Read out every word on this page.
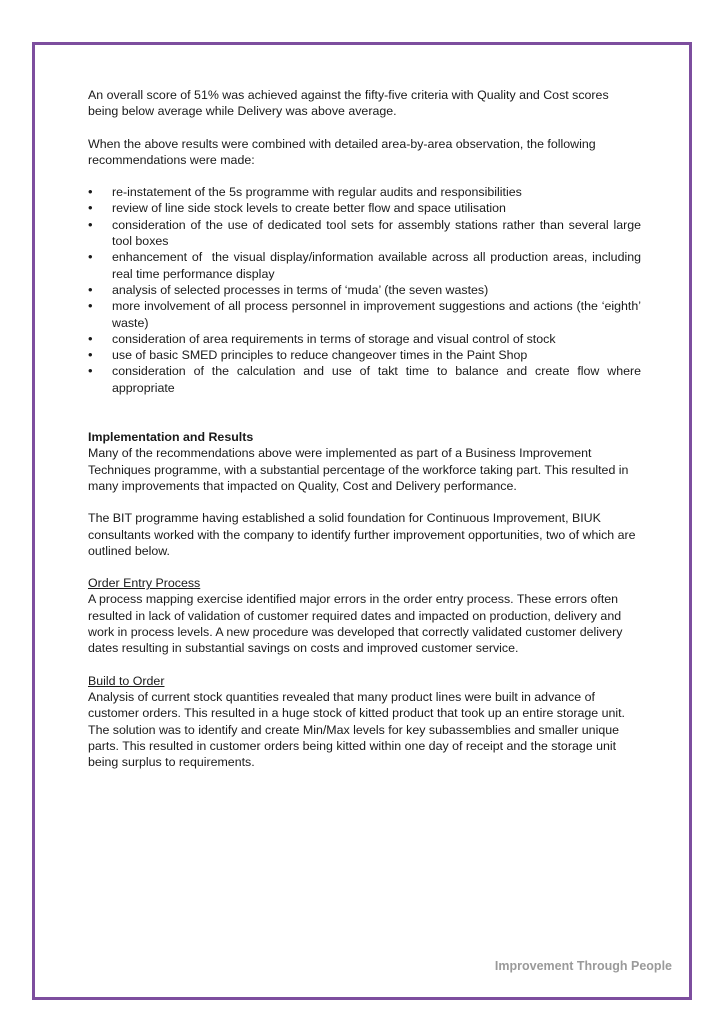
An overall score of 51% was achieved against the fifty-five criteria with Quality and Cost scores being below average while Delivery was above average.

When the above results were combined with detailed area-by-area observation, the following recommendations were made:

•
re-instatement of the 5s programme with regular audits and responsibilities
•
review of line side stock levels to create better flow and space utilisation
•
consideration of the use of dedicated tool sets for assembly stations rather than several large tool boxes
•
enhancement of  the visual display/information available across all production areas, including real time performance display
•
analysis of selected processes in terms of ‘muda’ (the seven wastes)
•
more involvement of all process personnel in improvement suggestions and actions (the ‘eighth’ waste)
•
consideration of area requirements in terms of storage and visual control of stock
•
use of basic SMED principles to reduce changeover times in the Paint Shop
•
consideration of the calculation and use of takt time to balance and create flow where appropriate

Implementation and Results

Many of the recommendations above were implemented as part of a Business Improvement Techniques programme, with a substantial percentage of the workforce taking part. This resulted in many improvements that impacted on Quality, Cost and Delivery performance.

The BIT programme having established a solid foundation for Continuous Improvement, BIUK consultants worked with the company to identify further improvement opportunities, two of which are outlined below.

Order Entry Process

A process mapping exercise identified major errors in the order entry process. These errors often resulted in lack of validation of customer required dates and impacted on production, delivery and work in process levels. A new procedure was developed that correctly validated customer delivery dates resulting in substantial savings on costs and improved customer service.

Build to Order

Analysis of current stock quantities revealed that many product lines were built in advance of customer orders. This resulted in a huge stock of kitted product that took up an entire storage unit. The solution was to identify and create Min/Max levels for key subassemblies and smaller unique parts. This resulted in customer orders being kitted within one day of receipt and the storage unit being surplus to requirements.

Improvement Through People
